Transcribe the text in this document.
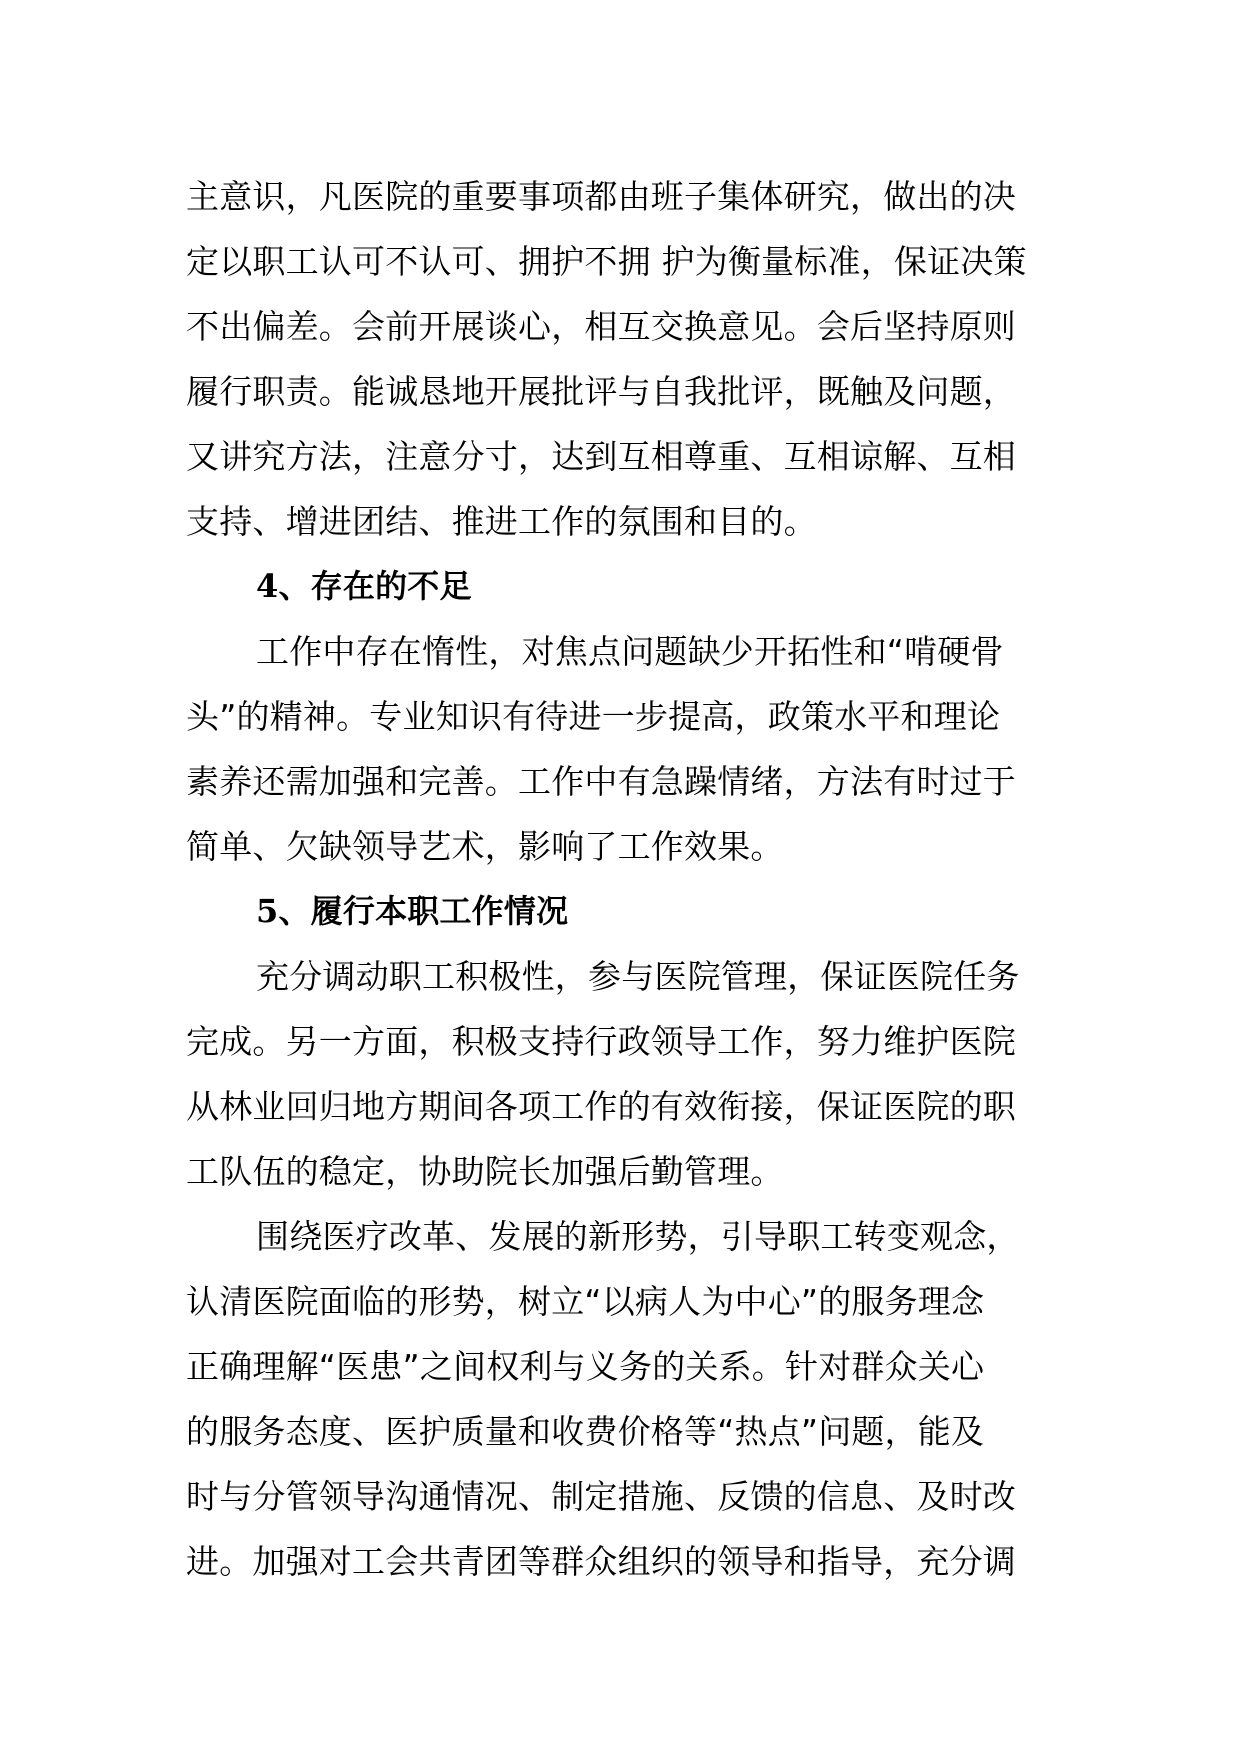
主意识，凡医院的重要事项都由班子集体研究，做出的决
定以职工认可不认可、拥护不拥 护为衡量标准，保证决策
不出偏差。会前开展谈心，相互交换意见。会后坚持原则
履行职责。能诚恳地开展批评与自我批评，既触及问题，
又讲究方法，注意分寸，达到互相尊重、互相谅解、互相
支持、增进团结、推进工作的氛围和目的。
4、存在的不足
工作中存在惰性，对焦点问题缺少开拓性和“啃硬骨
头”的精神。专业知识有待进一步提高，政策水平和理论
素养还需加强和完善。工作中有急躁情绪，方法有时过于
简单、欠缺领导艺术，影响了工作效果。
5、履行本职工作情况
充分调动职工积极性，参与医院管理，保证医院任务
完成。另一方面，积极支持行政领导工作，努力维护医院
从林业回归地方期间各项工作的有效衔接，保证医院的职
工队伍的稳定，协助院长加强后勤管理。
围绕医疗改革、发展的新形势，引导职工转变观念，
认清医院面临的形势，树立“以病人为中心”的服务理念
正确理解“医患”之间权利与义务的关系。针对群众关心
的服务态度、医护质量和收费价格等“热点”问题，能及
时与分管领导沟通情况、制定措施、反馈的信息、及时改
进。加强对工会共青团等群众组织的领导和指导，充分调
